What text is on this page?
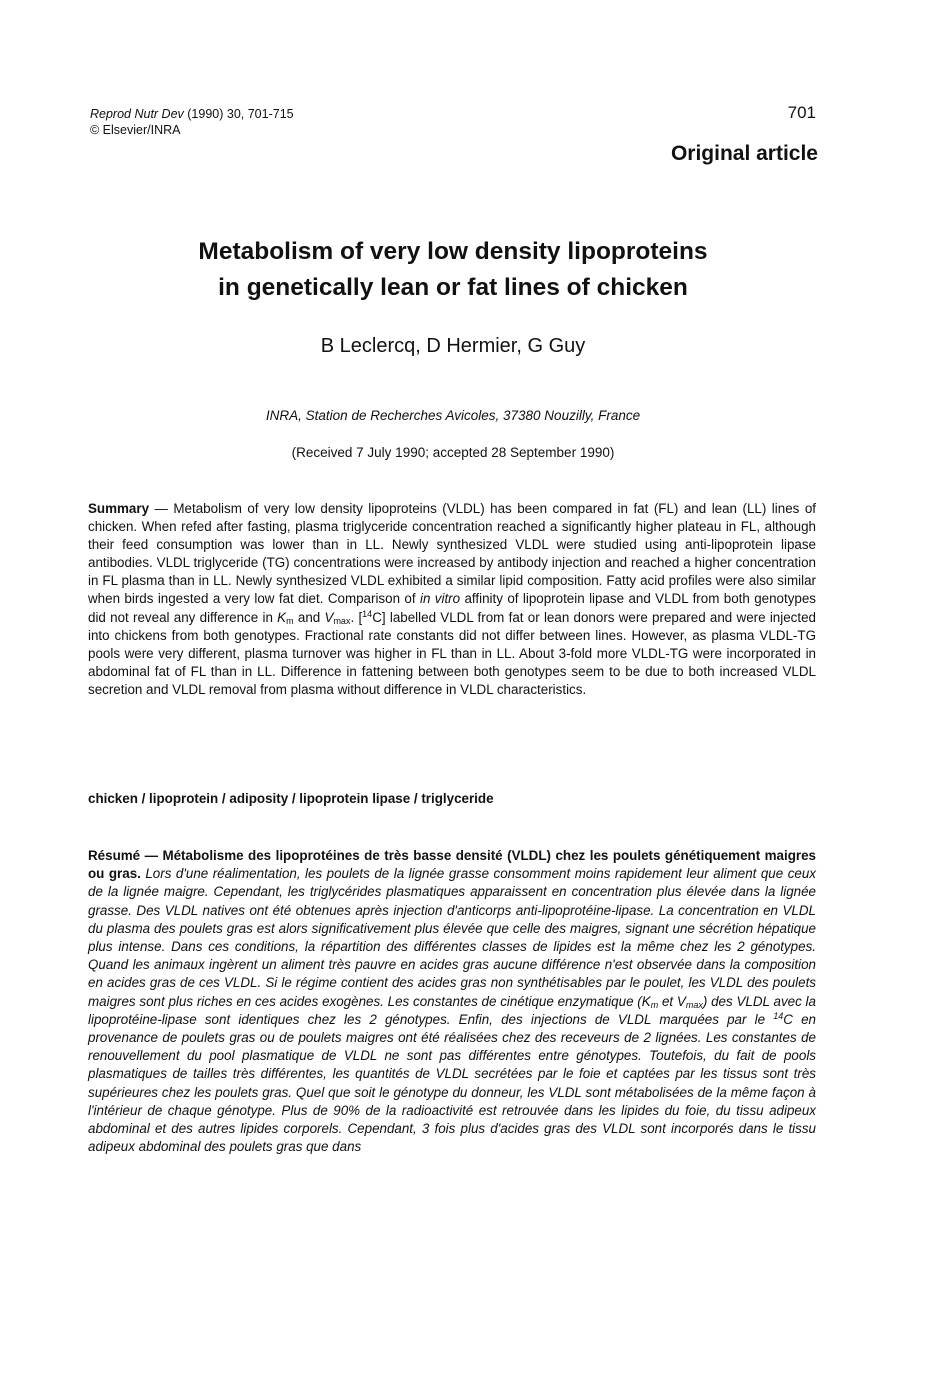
Reprod Nutr Dev (1990) 30, 701-715
© Elsevier/INRA
701
Original article
Metabolism of very low density lipoproteins
in genetically lean or fat lines of chicken
B Leclercq, D Hermier, G Guy
INRA, Station de Recherches Avicoles, 37380 Nouzilly, France
(Received 7 July 1990; accepted 28 September 1990)
Summary — Metabolism of very low density lipoproteins (VLDL) has been compared in fat (FL) and lean (LL) lines of chicken. When refed after fasting, plasma triglyceride concentration reached a significantly higher plateau in FL, although their feed consumption was lower than in LL. Newly synthesized VLDL were studied using anti-lipoprotein lipase antibodies. VLDL triglyceride (TG) concentrations were increased by antibody injection and reached a higher concentration in FL plasma than in LL. Newly synthesized VLDL exhibited a similar lipid composition. Fatty acid profiles were also similar when birds ingested a very low fat diet. Comparison of in vitro affinity of lipoprotein lipase and VLDL from both genotypes did not reveal any difference in $K_m$ and $V_{max}$. [$^{14}$C] labelled VLDL from fat or lean donors were prepared and were injected into chickens from both genotypes. Fractional rate constants did not differ between lines. However, as plasma VLDL-TG pools were very different, plasma turnover was higher in FL than in LL. About 3-fold more VLDL-TG were incorporated in abdominal fat of FL than in LL. Difference in fattening between both genotypes seem to be due to both increased VLDL secretion and VLDL removal from plasma without difference in VLDL characteristics.
chicken / lipoprotein / adiposity / lipoprotein lipase / triglyceride
Résumé — Métabolisme des lipoprotéines de très basse densité (VLDL) chez les poulets génétiquement maigres ou gras. Lors d'une réalimentation, les poulets de la lignée grasse consomment moins rapidement leur aliment que ceux de la lignée maigre. Cependant, les triglycérides plasmatiques apparaissent en concentration plus élevée dans la lignée grasse. Des VLDL natives ont été obtenues après injection d'anticorps anti-lipoprotéine-lipase. La concentration en VLDL du plasma des poulets gras est alors significativement plus élevée que celle des maigres, signant une sécrétion hépatique plus intense. Dans ces conditions, la répartition des différentes classes de lipides est la même chez les 2 génotypes. Quand les animaux ingèrent un aliment très pauvre en acides gras aucune différence n'est observée dans la composition en acides gras de ces VLDL. Si le régime contient des acides gras non synthétisables par le poulet, les VLDL des poulets maigres sont plus riches en ces acides exogènes. Les constantes de cinétique enzymatique ($K_m$ et $V_{max}$) des VLDL avec la lipoprotéine-lipase sont identiques chez les 2 génotypes. Enfin, des injections de VLDL marquées par le $^{14}$C en provenance de poulets gras ou de poulets maigres ont été réalisées chez des receveurs de 2 lignées. Les constantes de renouvellement du pool plasmatique de VLDL ne sont pas différentes entre génotypes. Toutefois, du fait de pools plasmatiques de tailles très différentes, les quantités de VLDL secrétées par le foie et captées par les tissus sont très supérieures chez les poulets gras. Quel que soit le génotype du donneur, les VLDL sont métabolisées de la même façon à l'intérieur de chaque génotype. Plus de 90% de la radioactivité est retrouvée dans les lipides du foie, du tissu adipeux abdominal et des autres lipides corporels. Cependant, 3 fois plus d'acides gras des VLDL sont incorporés dans le tissu adipeux abdominal des poulets gras que dans
